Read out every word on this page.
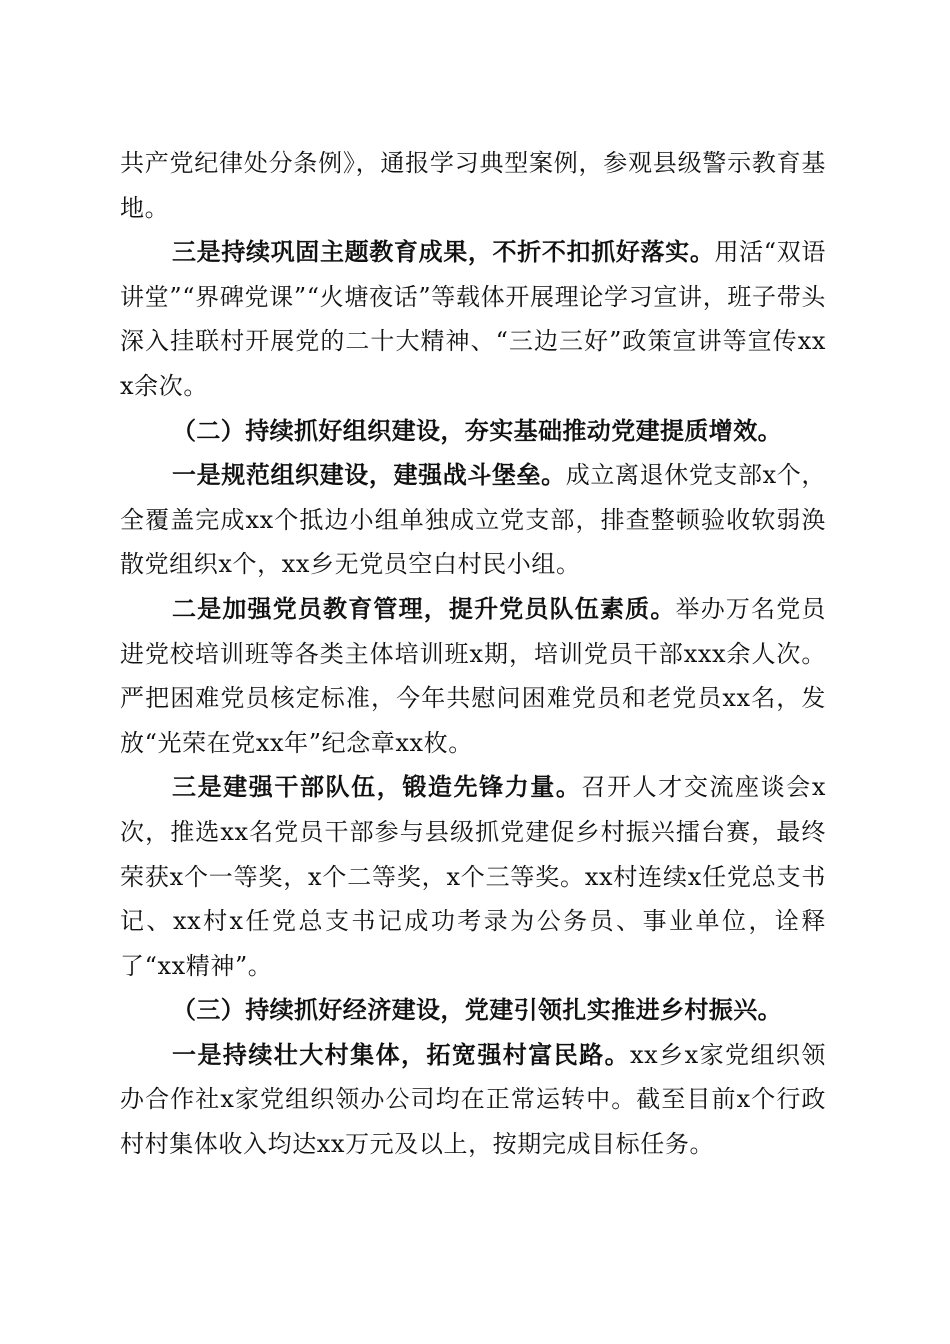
共产党纪律处分条例》，通报学习典型案例，参观县级警示教育基地。

三是持续巩固主题教育成果，不折不扣抓好落实。用活“双语讲堂”“界碑党课”“火塘夜话”等载体开展理论学习宣讲，班子带头深入挂联村开展党的二十大精神、“三边三好”政策宣讲等宣传xxx余次。

（二）持续抓好组织建设，夯实基础推动党建提质增效。

一是规范组织建设，建强战斗堡垒。成立离退休党支部x个，全覆盖完成xx个抵边小组单独成立党支部，排查整顿验收软弱涣散党组织x个，xx乡无党员空白村民小组。

二是加强党员教育管理，提升党员队伍素质。举办万名党员进党校培训班等各类主体培训班x期，培训党员干部xxx余人次。严把困难党员核定标准，今年共慰问困难党员和老党员xx名，发放“光荣在党xx年”纪念章xx枚。

三是建强干部队伍，锻造先锋力量。召开人才交流座谈会x次，推选xx名党员干部参与县级抓党建促乡村振兴擂台赛，最终荣获x个一等奖，x个二等奖，x个三等奖。xx村连续x任党总支书记、xx村x任党总支书记成功考录为公务员、事业单位，诠释了“xx精神”。

（三）持续抓好经济建设，党建引领扎实推进乡村振兴。

一是持续壮大村集体，拓宽强村富民路。xx乡x家党组织领办合作社x家党组织领办公司均在正常运转中。截至目前x个行政村村集体收入均达xx万元及以上，按期完成目标任务。
